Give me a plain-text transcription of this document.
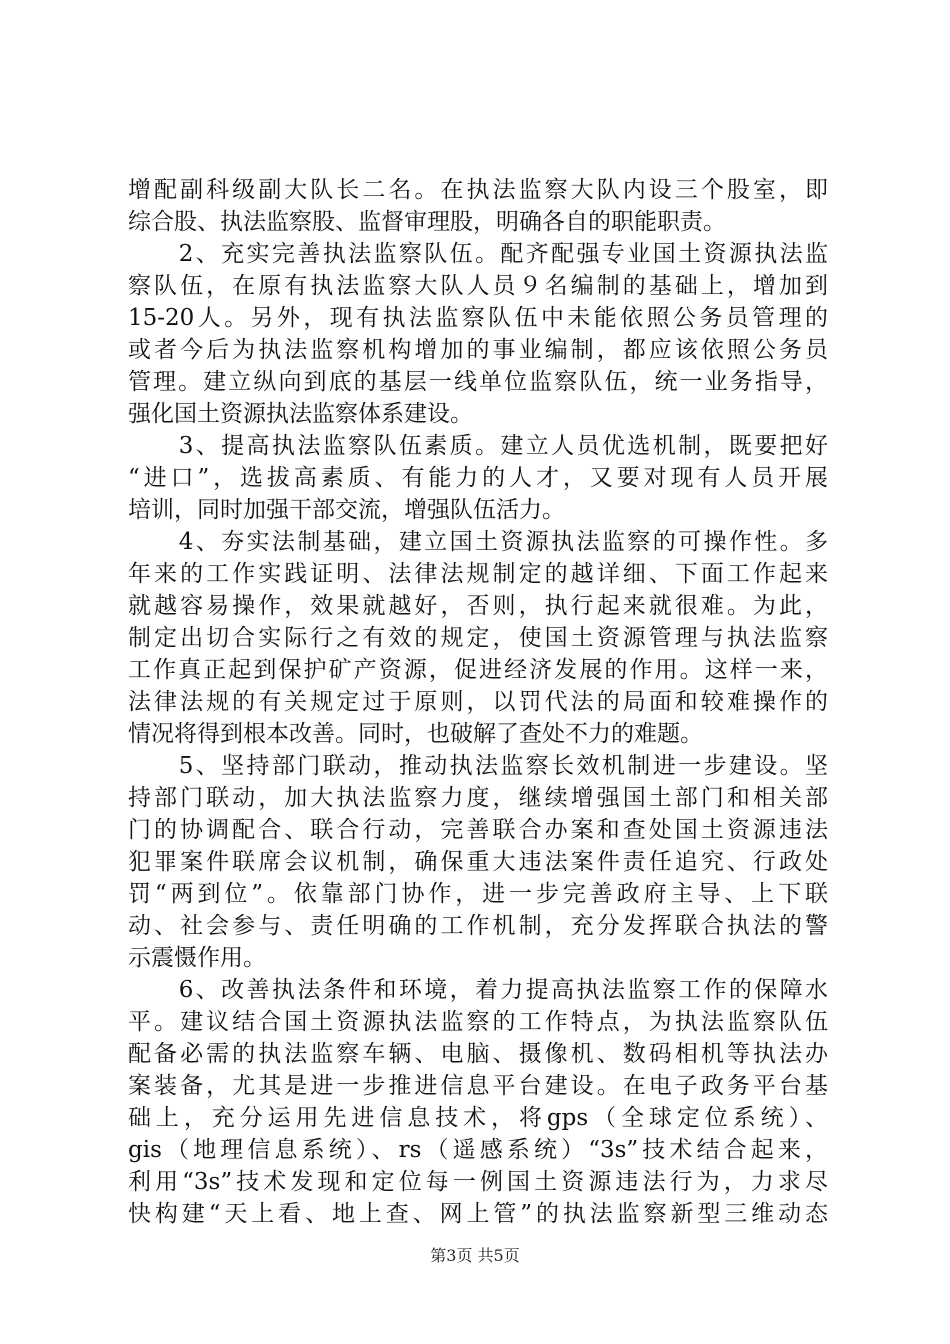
增配副科级副大队长二名。在执法监察大队内设三个股室，即
综合股、执法监察股、监督审理股，明确各自的职能职责。
　　2、充实完善执法监察队伍。配齐配强专业国土资源执法监
察队伍，在原有执法监察大队人员９名编制的基础上，增加到
15-20人。另外，现有执法监察队伍中未能依照公务员管理的
或者今后为执法监察机构增加的事业编制，都应该依照公务员
管理。建立纵向到底的基层一线单位监察队伍，统一业务指导，
强化国土资源执法监察体系建设。
　　3、提高执法监察队伍素质。建立人员优选机制，既要把好
“进口”，选拔高素质、有能力的人才，又要对现有人员开展
培训，同时加强干部交流，增强队伍活力。
　　4、夯实法制基础，建立国土资源执法监察的可操作性。多
年来的工作实践证明、法律法规制定的越详细、下面工作起来
就越容易操作，效果就越好，否则，执行起来就很难。为此，
制定出切合实际行之有效的规定，使国土资源管理与执法监察
工作真正起到保护矿产资源，促进经济发展的作用。这样一来，
法律法规的有关规定过于原则，以罚代法的局面和较难操作的
情况将得到根本改善。同时，也破解了查处不力的难题。
　　5、坚持部门联动，推动执法监察长效机制进一步建设。坚
持部门联动，加大执法监察力度，继续增强国土部门和相关部
门的协调配合、联合行动，完善联合办案和查处国土资源违法
犯罪案件联席会议机制，确保重大违法案件责任追究、行政处
罚“两到位”。依靠部门协作，进一步完善政府主导、上下联
动、社会参与、责任明确的工作机制，充分发挥联合执法的警
示震慑作用。
　　6、改善执法条件和环境，着力提高执法监察工作的保障水
平。建议结合国土资源执法监察的工作特点，为执法监察队伍
配备必需的执法监察车辆、电脑、摄像机、数码相机等执法办
案装备，尤其是进一步推进信息平台建设。在电子政务平台基
础上，充分运用先进信息技术，将gps（全球定位系统）、
gis（地理信息系统）、rs（遥感系统）“3s”技术结合起来，
利用“3s”技术发现和定位每一例国土资源违法行为，力求尽
快构建“天上看、地上查、网上管”的执法监察新型三维动态
第3页 共5页
